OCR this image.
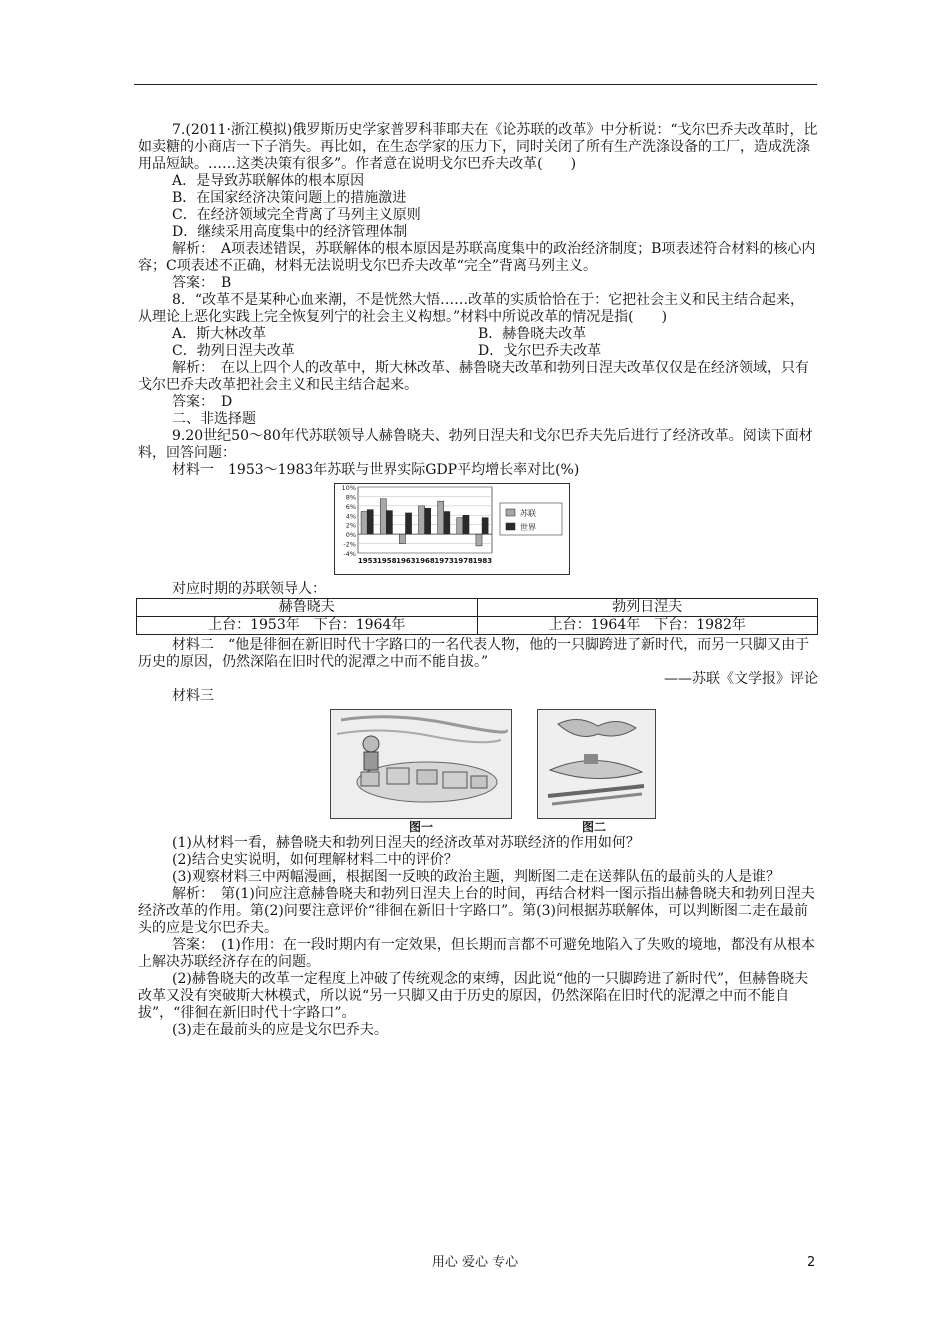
7.(2011·浙江模拟)俄罗斯历史学家普罗科菲耶夫在《论苏联的改革》中分析说：“戈尔巴乔夫改革时，比如卖糖的小商店一下子消失。再比如，在生态学家的压力下，同时关闭了所有生产洗涤设备的工厂，造成洗涤用品短缺。……这类决策有很多”。作者意在说明戈尔巴乔夫改革(　　)

A．是导致苏联解体的根本原因

B．在国家经济决策问题上的措施激进

C．在经济领域完全背离了马列主义原则

D．继续采用高度集中的经济管理体制

解析：　A项表述错误，苏联解体的根本原因是苏联高度集中的政治经济制度；B项表述符合材料的核心内容；C项表述不正确，材料无法说明戈尔巴乔夫改革“完全”背离马列主义。

答案：　B

8．“改革不是某种心血来潮，不是恍然大悟……改革的实质恰恰在于：它把社会主义和民主结合起来，从理论上恶化实践上完全恢复列宁的社会主义构想。”材料中所说改革的情况是指(　　)

A．斯大林改革	B．赫鲁晓夫改革
C．勃列日涅夫改革	D．戈尔巴乔夫改革

解析：　在以上四个人的改革中，斯大林改革、赫鲁晓夫改革和勃列日涅夫改革仅仅是在经济领域，只有戈尔巴乔夫改革把社会主义和民主结合起来。

答案：　D

二、非选择题

9.20世纪50～80年代苏联领导人赫鲁晓夫、勃列日涅夫和戈尔巴乔夫先后进行了经济改革。阅读下面材料，回答问题：

材料一　1953～1983年苏联与世界实际GDP平均增长率对比(%)

10%
8%
6%
4%
2%
0%
-2%
-4%
1953 1958 1963 1968 1973 1978 1983
苏联
世界

对应时期的苏联领导人：

赫鲁晓夫	勃列日涅夫
上台：1953年　下台：1964年	上台：1964年　下台：1982年

材料二　“他是徘徊在新旧时代十字路口的一名代表人物，他的一只脚跨进了新时代，而另一只脚又由于历史的原因，仍然深陷在旧时代的泥潭之中而不能自拔。”

——苏联《文学报》评论

材料三

图一	图二

(1)从材料一看，赫鲁晓夫和勃列日涅夫的经济改革对苏联经济的作用如何？

(2)结合史实说明，如何理解材料二中的评价？

(3)观察材料三中两幅漫画，根据图一反映的政治主题，判断图二走在送葬队伍的最前头的人是谁？

解析：　第(1)问应注意赫鲁晓夫和勃列日涅夫上台的时间，再结合材料一图示指出赫鲁晓夫和勃列日涅夫经济改革的作用。第(2)问要注意评价“徘徊在新旧十字路口”。第(3)问根据苏联解体，可以判断图二走在最前头的应是戈尔巴乔夫。

答案：　(1)作用：在一段时期内有一定效果，但长期而言都不可避免地陷入了失败的境地，都没有从根本上解决苏联经济存在的问题。

(2)赫鲁晓夫的改革一定程度上冲破了传统观念的束缚，因此说“他的一只脚跨进了新时代”，但赫鲁晓夫改革又没有突破斯大林模式，所以说“另一只脚又由于历史的原因，仍然深陷在旧时代的泥潭之中而不能自拔”，“徘徊在新旧时代十字路口”。

(3)走在最前头的应是戈尔巴乔夫。

用心 爱心 专心	2
